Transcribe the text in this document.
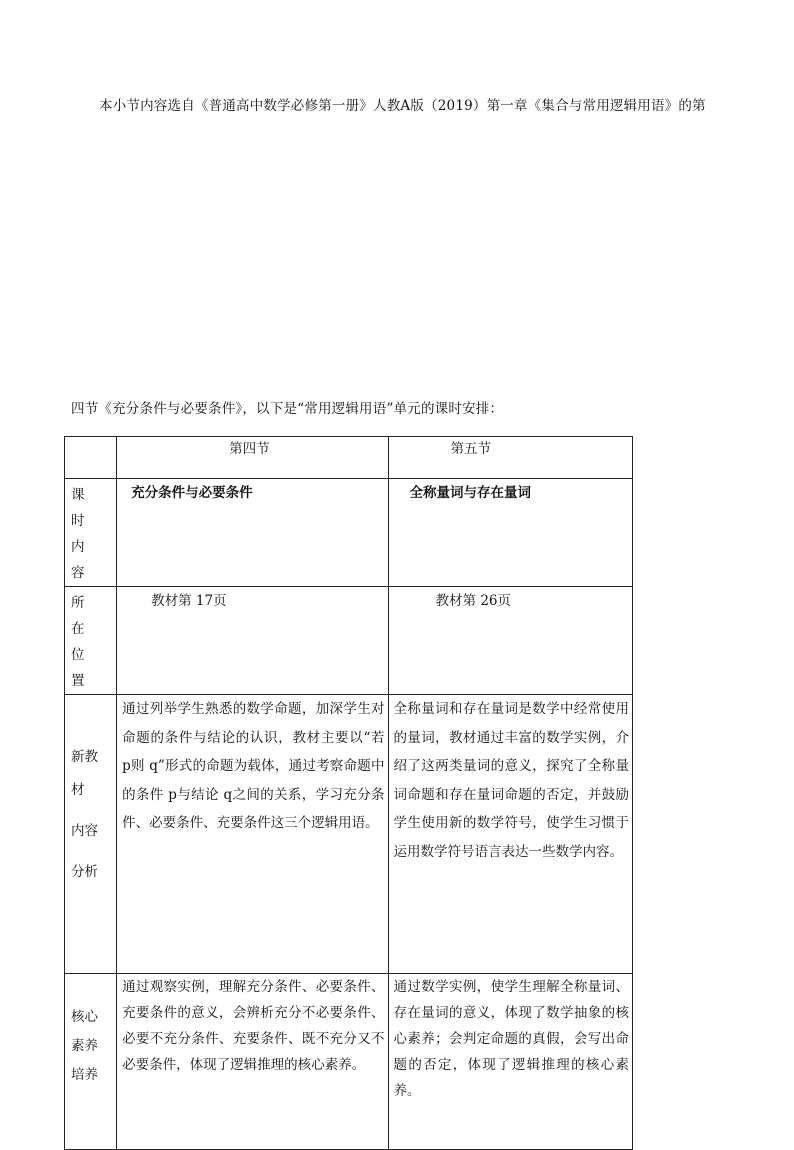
本小节内容选自《普通高中数学必修第一册》人教A版（2019）第一章《集合与常用逻辑用语》的第
四节《充分条件与必要条件》，以下是“常用逻辑用语”单元的课时安排：
	第四节	第五节

课时内容	充分条件与必要条件	全称量词与存在量词

所在位置	教材第 17页	教材第 26页

新教
材
内容
分析	通过列举学生熟悉的数学命题，加深学生对命题的条件与结论的认识，教材主要以“若 p则 q”形式的命题为载体，通过考察命题中的条件 p与结论 q之间的关系，学习充分条件、必要条件、充要条件这三个逻辑用语。	全称量词和存在量词是数学中经常使用的量词，教材通过丰富的数学实例，介绍了这两类量词的意义，探究了全称量词命题和存在量词命题的否定，并鼓励学生使用新的数学符号，使学生习惯于运用数学符号语言表达一些数学内容。

核心
素养
培养	通过观察实例，理解充分条件、必要条件、充要条件的意义，会辨析充分不必要条件、必要不充分条件、充要条件、既不充分又不必要条件，体现了逻辑推理的核心素养。	通过数学实例，使学生理解全称量词、存在量词的意义，体现了数学抽象的核心素养；会判定命题的真假，会写出命题的否定，体现了逻辑推理的核心素养。
